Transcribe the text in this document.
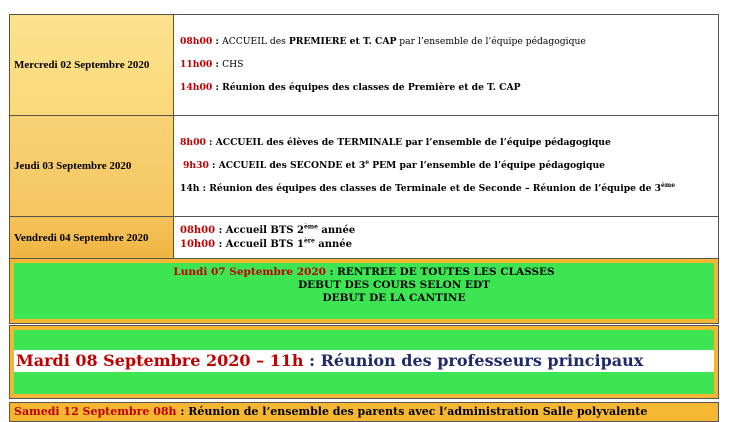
Mercredi 02 Septembre 2020	08h00 : ACCUEIL des PREMIERE et T. CAP par l’ensemble de l’équipe pédagogique
11h00 : CHS
14h00 : Réunion des équipes des classes de Première et de T. CAP

Jeudi 03 Septembre 2020	8h00 : ACCUEIL des élèves de TERMINALE par l’ensemble de l’équipe pédagogique
9h30 : ACCUEIL des SECONDE et 3e PEM par l’ensemble de l’équipe pédagogique
14h : Réunion des équipes des classes de Terminale et de Seconde – Réunion de l’équipe de 3ème

Vendredi 04 Septembre 2020	08h00 : Accueil BTS 2ème année
10h00 : Accueil BTS 1ère année
Lundi 07 Septembre 2020 : RENTREE DE TOUTES LES CLASSES
DEBUT DES COURS SELON EDT
DEBUT DE LA CANTINE
Mardi 08 Septembre 2020 – 11h : Réunion des professeurs principaux
Samedi 12 Septembre 08h : Réunion de l’ensemble des parents avec l’administration Salle polyvalente
